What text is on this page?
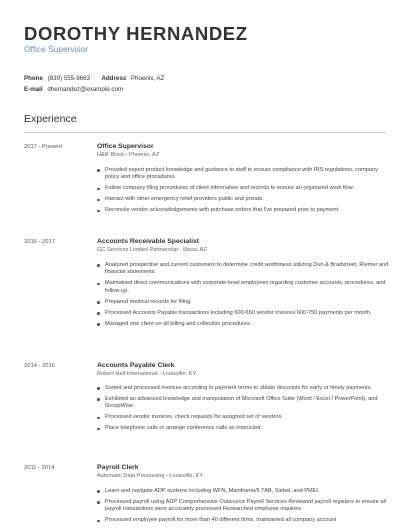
DOROTHY HERNANDEZ
Office Supervisor
Phone (830) 555-9663 Address Phoenix, AZ
E-mail dhernandez@example.com
Experience
2017 - Present	Office Supervisor
H&R Block - Phoenix, AZ
Provided expert product knowledge and guidance to staff to ensure compliance with IRS regulations, company policy and office procedures.
Follow company filing procedures of client information and records to ensure an organized work flow.
Interact with other emergency relief providers public and private.
Reconcile vendor acknowledgements with purchase orders that I've prepared prior to payment.
2016 - 2017	Accounts Receivable Specialist
GC Services Limited Partnership - Mesa, AZ
Analyzed prospective and current customers to determine credit worthiness utilizing Dun & Bradstreet, Riemer and financial statements.
Maintained direct communications with corporate-level employees regarding customer accounts, procedures, and follow-up.
Prepared medical records for filing.
Processed Accounts Payable transactions including 600-650 vendor invoices 600-750 payments per month.
Managed one client on all billing and collection procedures.
2014 - 2016	Accounts Payable Clerk
Robert Half International - Louisville, KY
Sorted and processed invoices according to payment terms to obtain discounts for early or timely payments.
Exhibited an advanced knowledge and manipulation of Microsoft Office Suite (Word / Excel / PowerPoint), and GroupWise.
Processed vendor invoices, check requests for assigned set of vendors.
Place telephone calls or arrange conference calls as instructed.
2011 - 2014	Payroll Clerk
Automatic Data Processing - Louisville, KY
Learn and navigate ADP systems including WFN, Mainframe/5 TAB, Siebel, and PMEI.
Processed payroll using ADP Comprehensive Outsource Payroll Services Reviewed payroll registers to ensure all payroll transactions were accurately processed Researched employee inquiries
Processed employee payroll for more than 40 different firms, maintained all company account
